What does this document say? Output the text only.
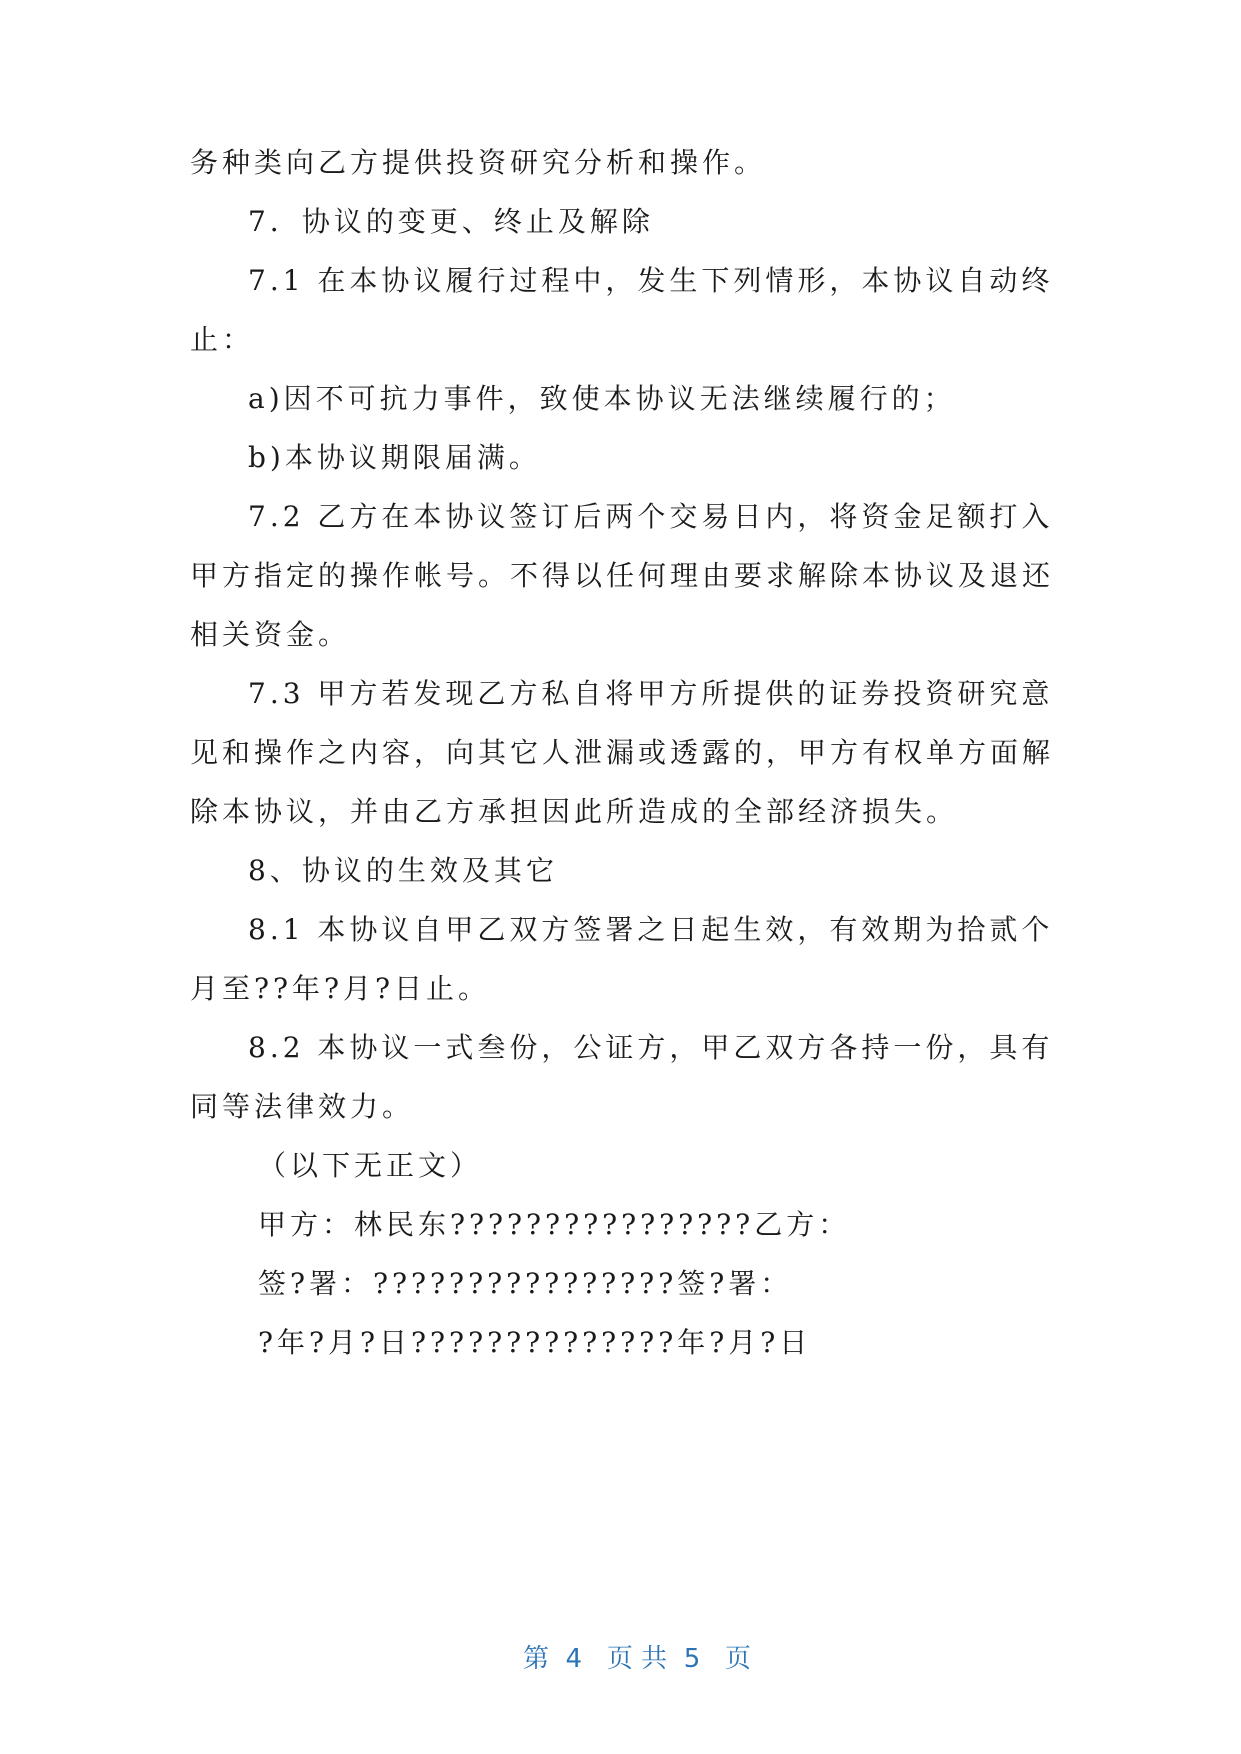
务种类向乙方提供投资研究分析和操作。
7．协议的变更、终止及解除
7.1 在本协议履行过程中，发生下列情形，本协议自动终
止：
a)因不可抗力事件，致使本协议无法继续履行的；
b)本协议期限届满。
7.2 乙方在本协议签订后两个交易日内，将资金足额打入
甲方指定的操作帐号。不得以任何理由要求解除本协议及退还
相关资金。
7.3 甲方若发现乙方私自将甲方所提供的证券投资研究意
见和操作之内容，向其它人泄漏或透露的，甲方有权单方面解
除本协议，并由乙方承担因此所造成的全部经济损失。
8、协议的生效及其它
8.1 本协议自甲乙双方签署之日起生效，有效期为拾贰个
月至??年?月?日止。
8.2 本协议一式叁份，公证方，甲乙双方各持一份，具有
同等法律效力。
（以下无正文）
甲方：林民东????????????????乙方：
签?署：????????????????签?署：
?年?月?日??????????????年?月?日

第  4   页 共  5   页
